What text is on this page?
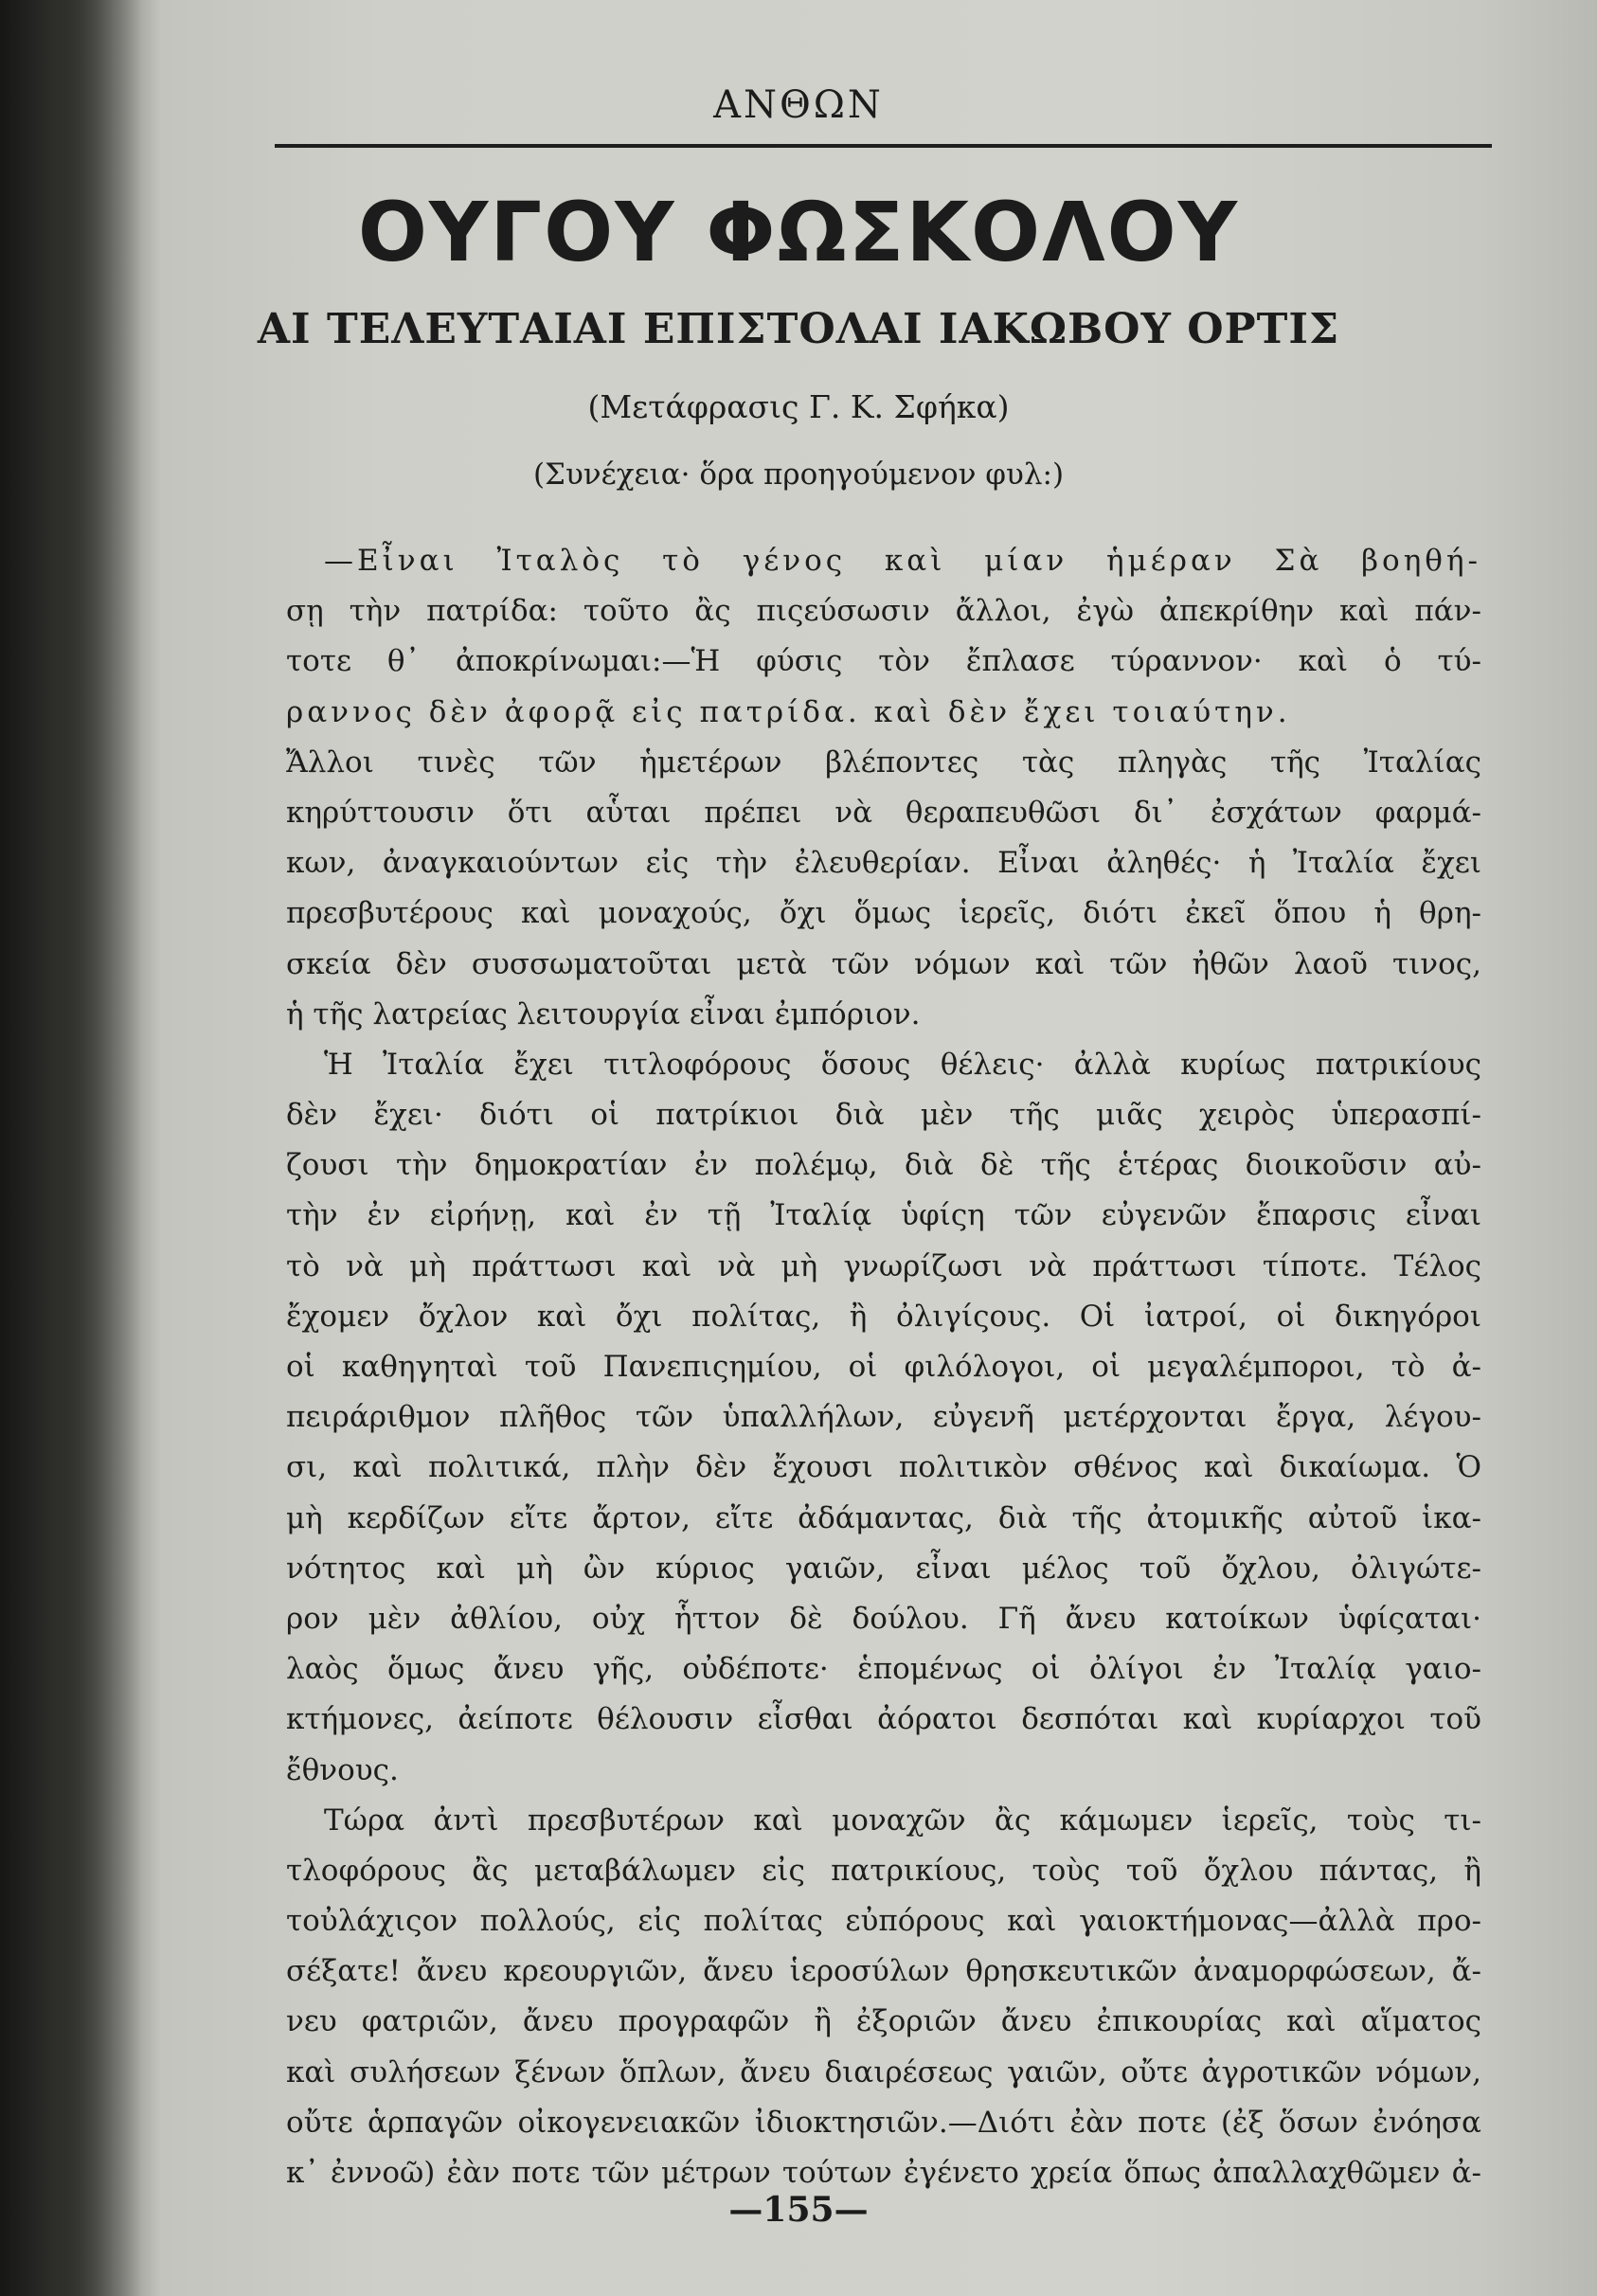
ΑΝΘΩΝ
ΟΥΓΟΥ ΦΩΣΚΟΛΟΥ
ΑΙ ΤΕΛΕΥΤΑΙΑΙ ΕΠΙΣΤΟΛΑΙ ΙΑΚΩΒΟΥ ΟΡΤΙΣ
(Μετάφρασις Γ. Κ. Σφήκα)
(Συνέχεια· ὅρα προηγούμενον φυλ:)
—Εἶναι Ἰταλὸς τὸ γένος καὶ μίαν ἡμέραν Σὰ βοηθή-
σῃ τὴν πατρίδα: τοῦτο ἂς πιςεύσωσιν ἄλλοι, ἐγὼ ἀπεκρίθην καὶ πάν-
τοτε θ᾽ ἀποκρίνωμαι:—Ἡ φύσις τὸν ἔπλασε τύραννον· καὶ ὁ τύ-
ραννος δὲν ἀφορᾷ εἰς πατρίδα. καὶ δὲν ἔχει τοιαύτην.
Ἄλλοι τινὲς τῶν ἡμετέρων βλέποντες τὰς πληγὰς τῆς Ἰταλίας
κηρύττουσιν ὅτι αὗται πρέπει νὰ θεραπευθῶσι δι᾽ ἐσχάτων φαρμά-
κων, ἀναγκαιούντων εἰς τὴν ἐλευθερίαν. Εἶναι ἀληθές· ἡ Ἰταλία ἔχει
πρεσβυτέρους καὶ μοναχούς, ὄχι ὅμως ἱερεῖς, διότι ἐκεῖ ὅπου ἡ θρη-
σκεία δὲν συσσωματοῦται μετὰ τῶν νόμων καὶ τῶν ἠθῶν λαοῦ τινος,
ἡ τῆς λατρείας λειτουργία εἶναι ἐμπόριον.
Ἡ Ἰταλία ἔχει τιτλοφόρους ὅσους θέλεις· ἀλλὰ κυρίως πατρικίους
δὲν ἔχει· διότι οἱ πατρίκιοι διὰ μὲν τῆς μιᾶς χειρὸς ὑπερασπί-
ζουσι τὴν δημοκρατίαν ἐν πολέμῳ, διὰ δὲ τῆς ἑτέρας διοικοῦσιν αὐ-
τὴν ἐν εἰρήνῃ, καὶ ἐν τῇ Ἰταλίᾳ ὑφίςη τῶν εὐγενῶν ἔπαρσις εἶναι
τὸ νὰ μὴ πράττωσι καὶ νὰ μὴ γνωρίζωσι νὰ πράττωσι τίποτε. Τέλος
ἔχομεν ὄχλον καὶ ὄχι πολίτας, ἢ ὀλιγίςους. Οἱ ἰατροί, οἱ δικηγόροι
οἱ καθηγηταὶ τοῦ Πανεπιςημίου, οἱ φιλόλογοι, οἱ μεγαλέμποροι, τὸ ἀ-
πειράριθμον πλῆθος τῶν ὑπαλλήλων, εὐγενῆ μετέρχονται ἔργα, λέγου-
σι, καὶ πολιτικά, πλὴν δὲν ἔχουσι πολιτικὸν σθένος καὶ δικαίωμα. Ὁ
μὴ κερδίζων εἴτε ἄρτον, εἴτε ἀδάμαντας, διὰ τῆς ἀτομικῆς αὐτοῦ ἱκα-
νότητος καὶ μὴ ὢν κύριος γαιῶν, εἶναι μέλος τοῦ ὄχλου, ὀλιγώτε-
ρον μὲν ἀθλίου, οὐχ ἧττον δὲ δούλου. Γῆ ἄνευ κατοίκων ὑφίςαται·
λαὸς ὅμως ἄνευ γῆς, οὐδέποτε· ἑπομένως οἱ ὀλίγοι ἐν Ἰταλίᾳ γαιο-
κτήμονες, ἀείποτε θέλουσιν εἶσθαι ἀόρατοι δεσπόται καὶ κυρίαρχοι τοῦ
ἔθνους.
Τώρα ἀντὶ πρεσβυτέρων καὶ μοναχῶν ἂς κάμωμεν ἱερεῖς, τοὺς τι-
τλοφόρους ἂς μεταβάλωμεν εἰς πατρικίους, τοὺς τοῦ ὄχλου πάντας, ἢ
τοὐλάχιςον πολλούς, εἰς πολίτας εὐπόρους καὶ γαιοκτήμονας—ἀλλὰ προ-
σέξατε! ἄνευ κρεουργιῶν, ἄνευ ἱεροσύλων θρησκευτικῶν ἀναμορφώσεων, ἄ-
νευ φατριῶν, ἄνευ προγραφῶν ἢ ἐξοριῶν ἄνευ ἐπικουρίας καὶ αἵματος
καὶ συλήσεων ξένων ὅπλων, ἄνευ διαιρέσεως γαιῶν, οὔτε ἀγροτικῶν νόμων,
οὔτε ἁρπαγῶν οἰκογενειακῶν ἰδιοκτησιῶν.—Διότι ἐὰν ποτε (ἐξ ὅσων ἐνόησα
κ᾽ ἐννοῶ) ἐὰν ποτε τῶν μέτρων τούτων ἐγένετο χρεία ὅπως ἀπαλλαχθῶμεν ἀ-
—155—
